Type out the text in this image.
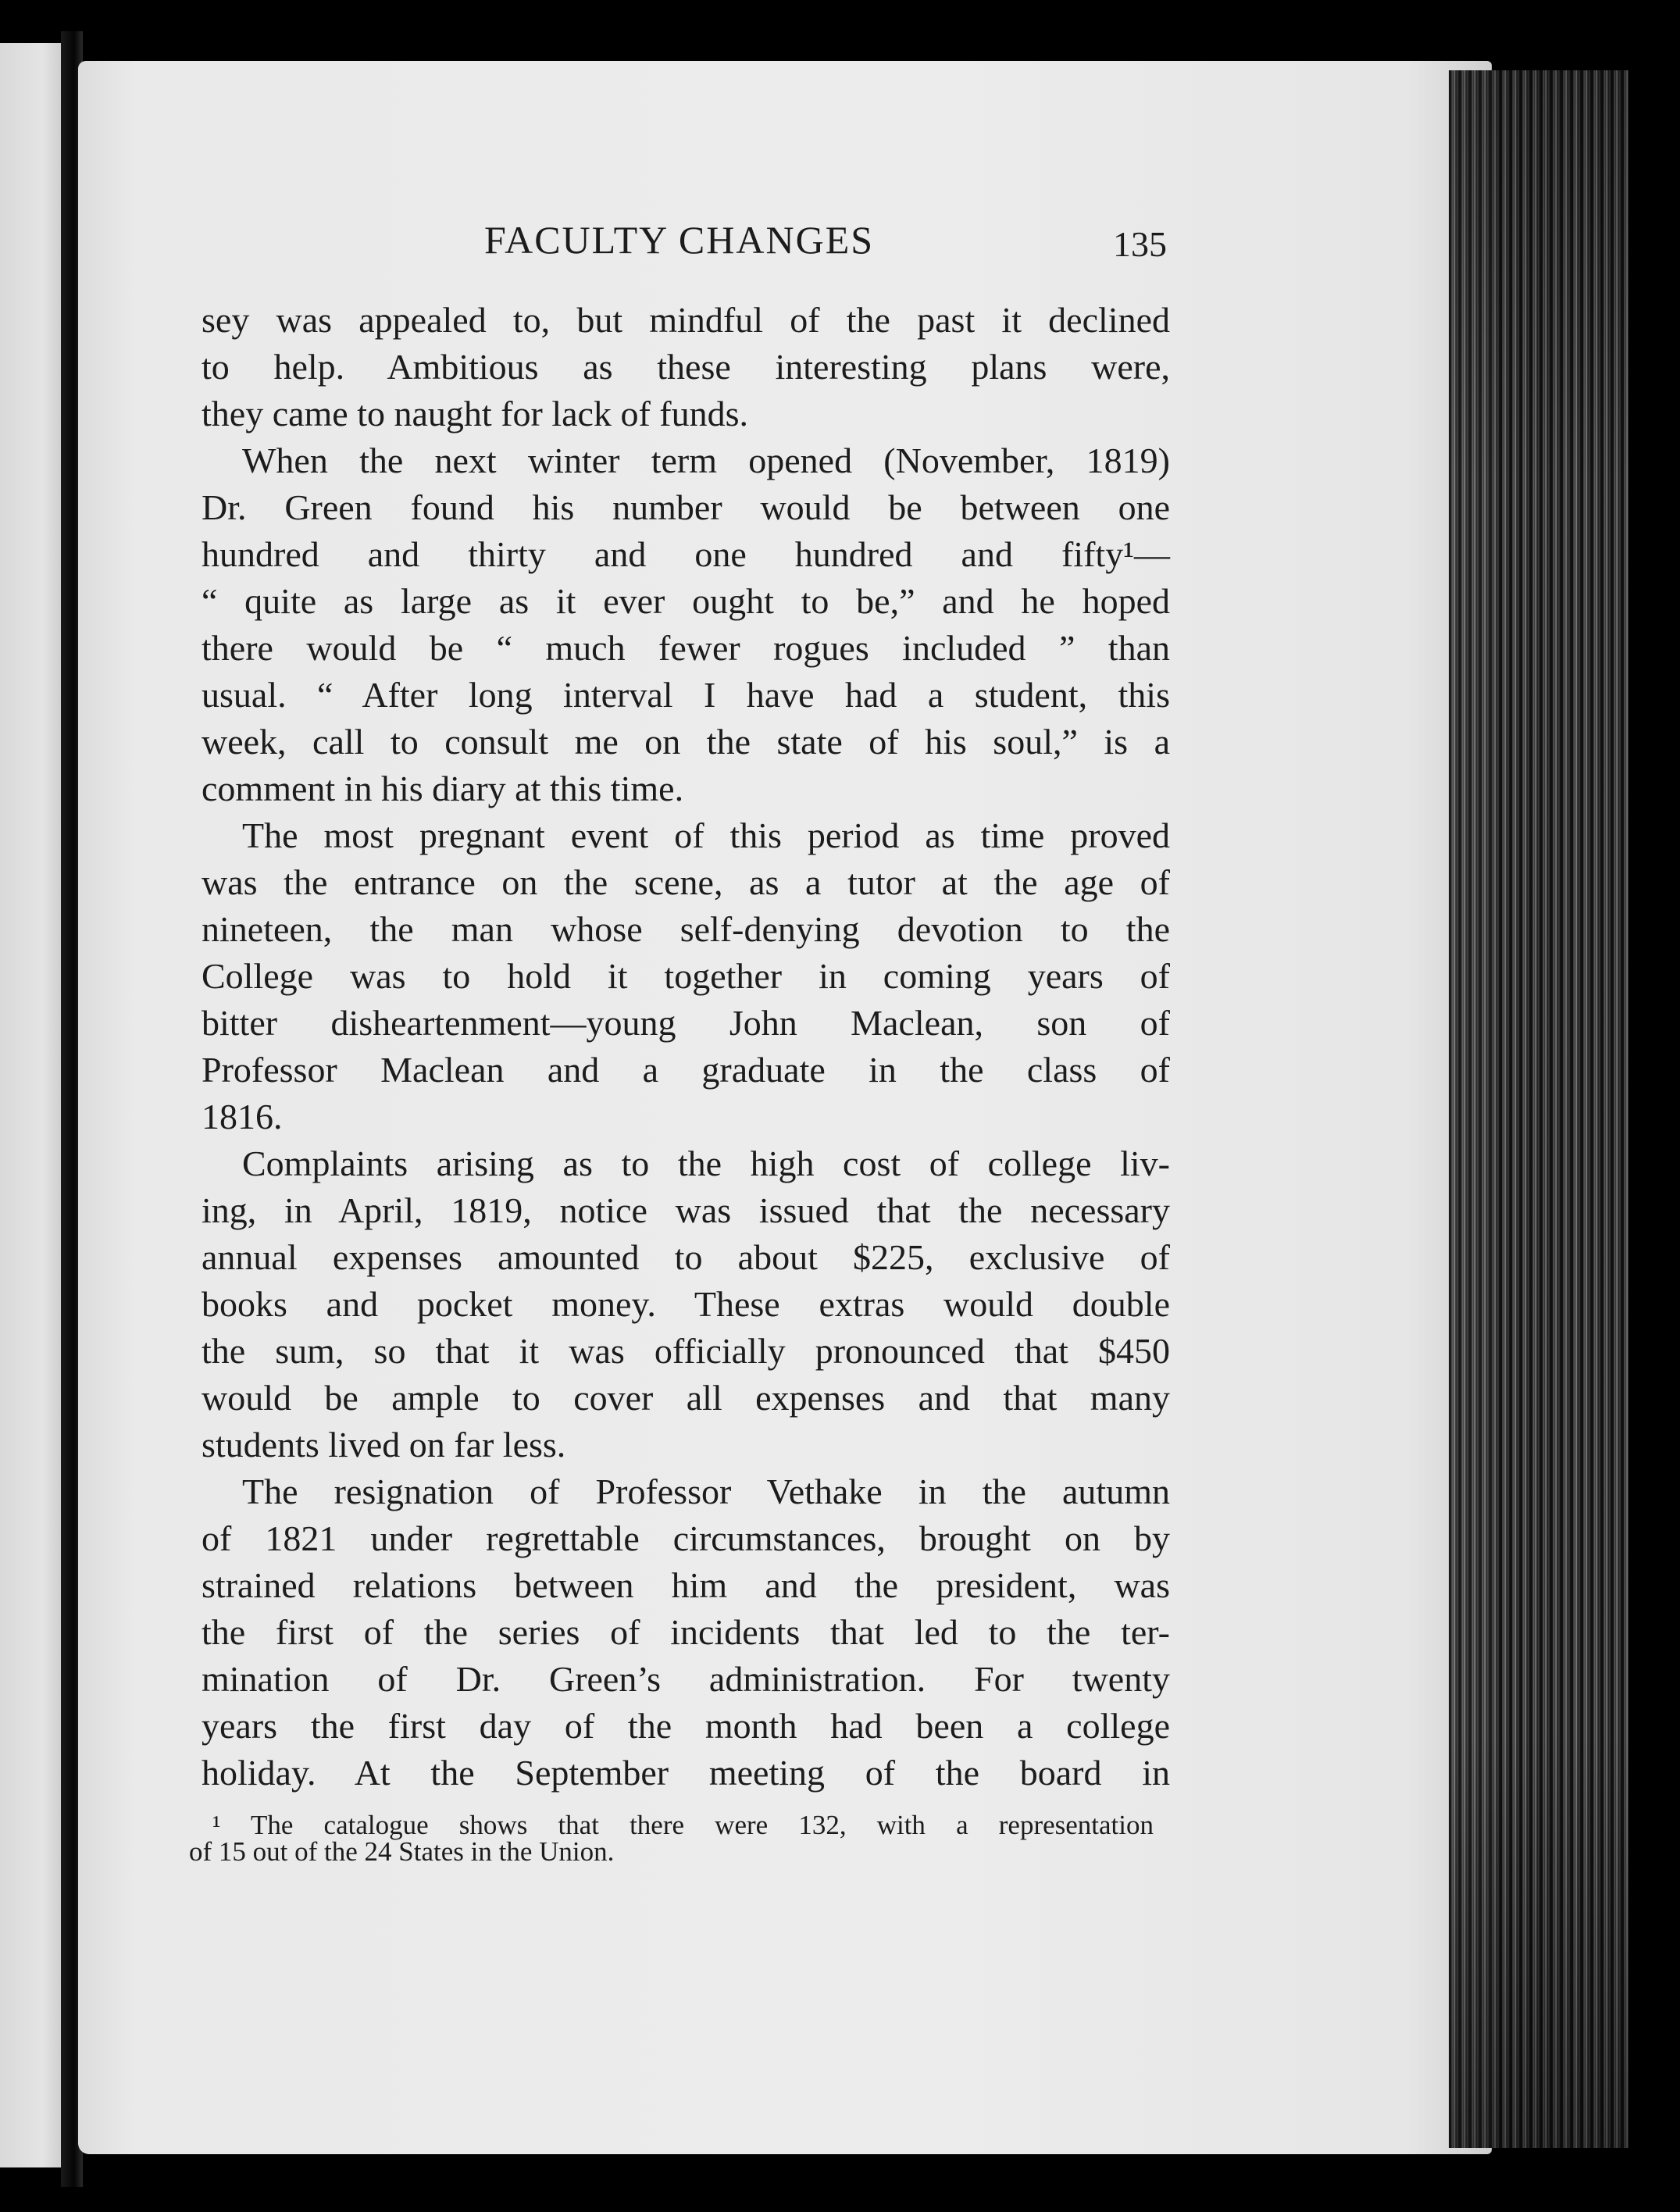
FACULTY CHANGES	135
sey was appealed to, but mindful of the past it declined
to help. Ambitious as these interesting plans were,
they came to naught for lack of funds.
When the next winter term opened (November, 1819)
Dr. Green found his number would be between one
hundred and thirty and one hundred and fifty¹—
“ quite as large as it ever ought to be,” and he hoped
there would be “ much fewer rogues included ” than
usual. “ After long interval I have had a student, this
week, call to consult me on the state of his soul,” is a
comment in his diary at this time.
The most pregnant event of this period as time proved
was the entrance on the scene, as a tutor at the age of
nineteen, the man whose self-denying devotion to the
College was to hold it together in coming years of
bitter disheartenment—young John Maclean, son of
Professor Maclean and a graduate in the class of
1816.
Complaints arising as to the high cost of college liv-
ing, in April, 1819, notice was issued that the necessary
annual expenses amounted to about $225, exclusive of
books and pocket money. These extras would double
the sum, so that it was officially pronounced that $450
would be ample to cover all expenses and that many
students lived on far less.
The resignation of Professor Vethake in the autumn
of 1821 under regrettable circumstances, brought on by
strained relations between him and the president, was
the first of the series of incidents that led to the ter-
mination of Dr. Green’s administration. For twenty
years the first day of the month had been a college
holiday. At the September meeting of the board in
¹ The catalogue shows that there were 132, with a representation
of 15 out of the 24 States in the Union.
